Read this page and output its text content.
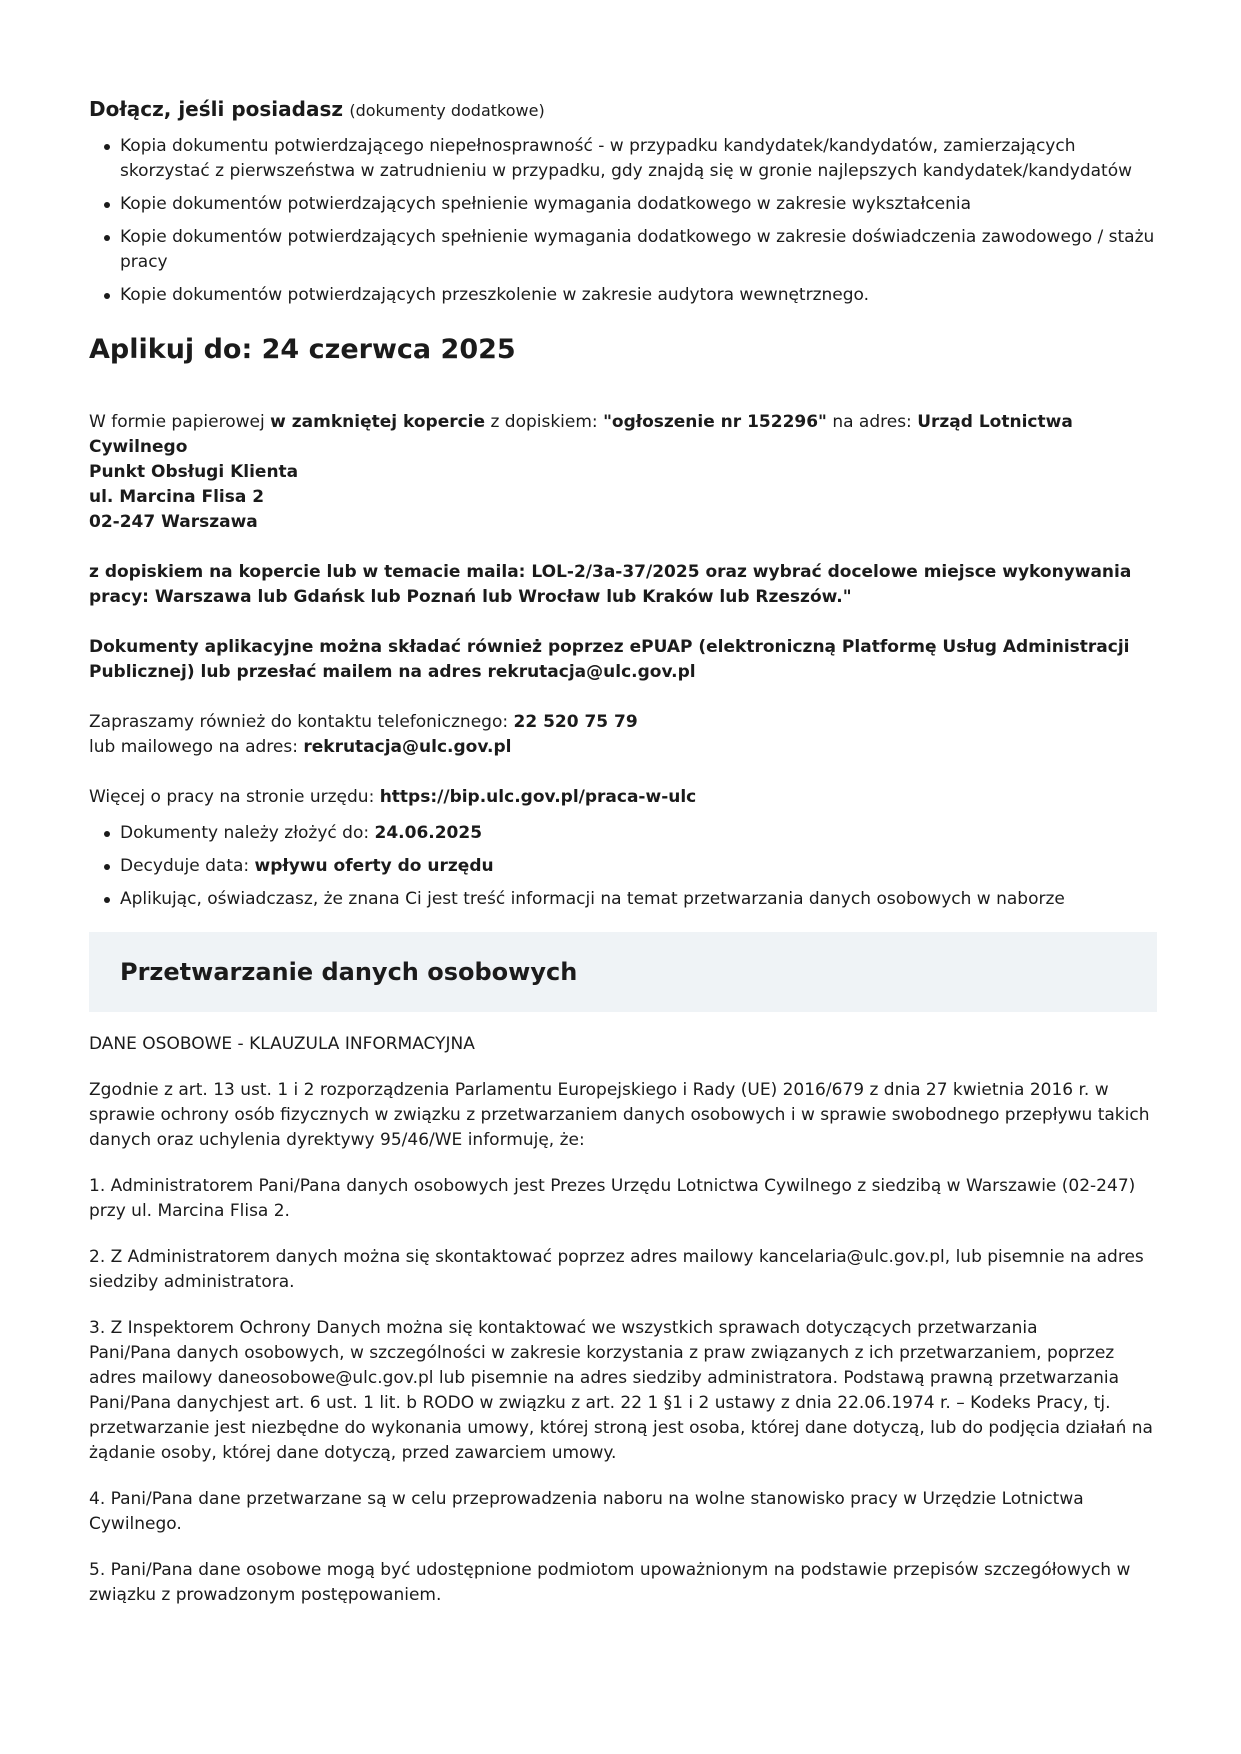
Dołącz, jeśli posiadasz (dokumenty dodatkowe)
Kopia dokumentu potwierdzającego niepełnosprawność - w przypadku kandydatek/kandydatów, zamierzających skorzystać z pierwszeństwa w zatrudnieniu w przypadku, gdy znajdą się w gronie najlepszych kandydatek/kandydatów
Kopie dokumentów potwierdzających spełnienie wymagania dodatkowego w zakresie wykształcenia
Kopie dokumentów potwierdzających spełnienie wymagania dodatkowego w zakresie doświadczenia zawodowego / stażu pracy
Kopie dokumentów potwierdzających przeszkolenie w zakresie audytora wewnętrznego.
Aplikuj do: 24 czerwca 2025

W formie papierowej w zamkniętej kopercie z dopiskiem: "ogłoszenie nr 152296" na adres: Urząd Lotnictwa Cywilnego
Punkt Obsługi Klienta
ul. Marcina Flisa 2
02-247 Warszawa

z dopiskiem na kopercie lub w temacie maila: LOL-2/3a-37/2025 oraz wybrać docelowe miejsce wykonywania pracy: Warszawa lub Gdańsk lub Poznań lub Wrocław lub Kraków lub Rzeszów."

Dokumenty aplikacyjne można składać również poprzez ePUAP (elektroniczną Platformę Usług Administracji Publicznej) lub przesłać mailem na adres rekrutacja@ulc.gov.pl

Zapraszamy również do kontaktu telefonicznego: 22 520 75 79
lub mailowego na adres: rekrutacja@ulc.gov.pl

Więcej o pracy na stronie urzędu: https://bip.ulc.gov.pl/praca-w-ulc

Dokumenty należy złożyć do: 24.06.2025
Decyduje data: wpływu oferty do urzędu
Aplikując, oświadczasz, że znana Ci jest treść informacji na temat przetwarzania danych osobowych w naborze
Przetwarzanie danych osobowych

DANE OSOBOWE - KLAUZULA INFORMACYJNA

Zgodnie z art. 13 ust. 1 i 2 rozporządzenia Parlamentu Europejskiego i Rady (UE) 2016/679 z dnia 27 kwietnia 2016 r. w sprawie ochrony osób fizycznych w związku z przetwarzaniem danych osobowych i w sprawie swobodnego przepływu takich danych oraz uchylenia dyrektywy 95/46/WE informuję, że:

1. Administratorem Pani/Pana danych osobowych jest Prezes Urzędu Lotnictwa Cywilnego z siedzibą w Warszawie (02-247) przy ul. Marcina Flisa 2.

2. Z Administratorem danych można się skontaktować poprzez adres mailowy kancelaria@ulc.gov.pl, lub pisemnie na adres siedziby administratora.

3. Z Inspektorem Ochrony Danych można się kontaktować we wszystkich sprawach dotyczących przetwarzania
Pani/Pana danych osobowych, w szczególności w zakresie korzystania z praw związanych z ich przetwarzaniem, poprzez
adres mailowy daneosobowe@ulc.gov.pl lub pisemnie na adres siedziby administratora. Podstawą prawną przetwarzania
Pani/Pana danychjest art. 6 ust. 1 lit. b RODO w związku z art. 22 1 §1 i 2 ustawy z dnia 22.06.1974 r. – Kodeks Pracy, tj.
przetwarzanie jest niezbędne do wykonania umowy, której stroną jest osoba, której dane dotyczą, lub do podjęcia działań na
żądanie osoby, której dane dotyczą, przed zawarciem umowy.

4. Pani/Pana dane przetwarzane są w celu przeprowadzenia naboru na wolne stanowisko pracy w Urzędzie Lotnictwa Cywilnego.

5. Pani/Pana dane osobowe mogą być udostępnione podmiotom upoważnionym na podstawie przepisów szczegółowych w związku z prowadzonym postępowaniem.
